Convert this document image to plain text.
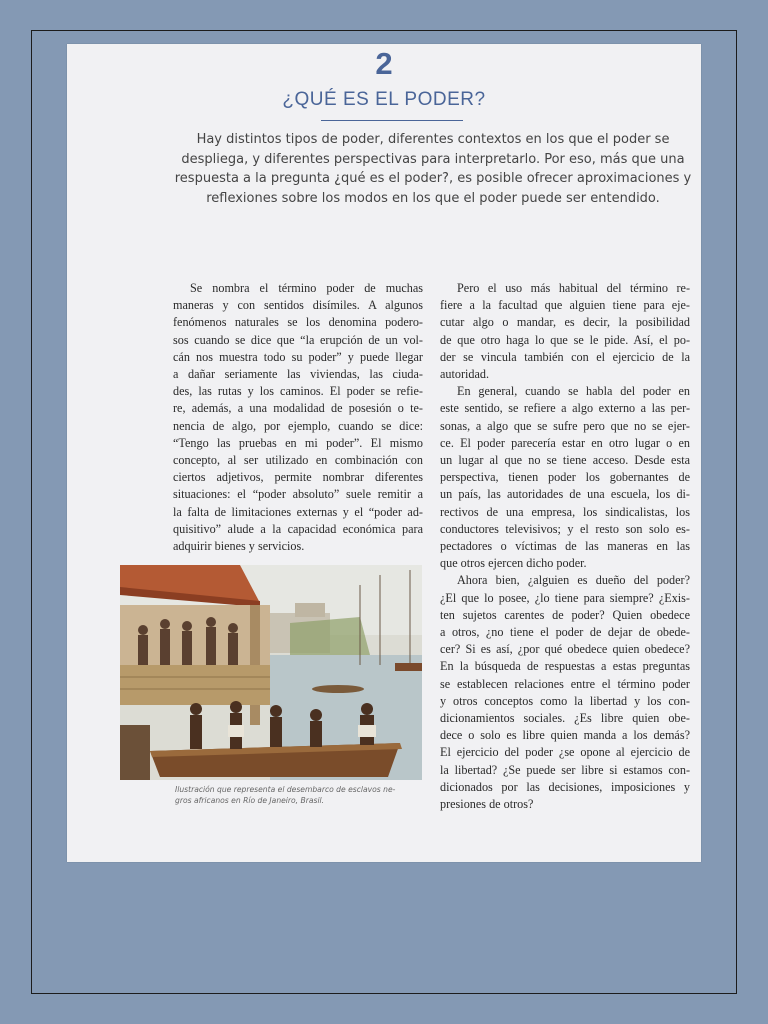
2
¿QUÉ ES EL PODER?
Hay distintos tipos de poder, diferentes contextos en los que el poder se
despliega, y diferentes perspectivas para interpretarlo. Por eso, más que una
respuesta a la pregunta ¿qué es el poder?, es posible ofrecer aproximaciones y
reflexiones sobre los modos en los que el poder puede ser entendido.
Se nombra el término poder de muchas
maneras y con sentidos disímiles. A algunos
fenómenos naturales se los denomina podero-
sos cuando se dice que “la erupción de un vol-
cán nos muestra todo su poder” y puede llegar
a dañar seriamente las viviendas, las ciuda-
des, las rutas y los caminos. El poder se refie-
re, además, a una modalidad de posesión o te-
nencia de algo, por ejemplo, cuando se dice:
“Tengo las pruebas en mi poder”. El mismo
concepto, al ser utilizado en combinación con
ciertos adjetivos, permite nombrar diferentes
situaciones: el “poder absoluto” suele remitir a
la falta de limitaciones externas y el “poder ad-
quisitivo” alude a la capacidad económica para
adquirir bienes y servicios.
Ilustración que representa el desembarco de esclavos ne-
gros africanos en Río de Janeiro, Brasil.
Pero el uso más habitual del término re-
fiere a la facultad que alguien tiene para eje-
cutar algo o mandar, es decir, la posibilidad
de que otro haga lo que se le pide. Así, el po-
der se vincula también con el ejercicio de la
autoridad.
En general, cuando se habla del poder en
este sentido, se refiere a algo externo a las per-
sonas, a algo que se sufre pero que no se ejer-
ce. El poder parecería estar en otro lugar o en
un lugar al que no se tiene acceso. Desde esta
perspectiva, tienen poder los gobernantes de
un país, las autoridades de una escuela, los di-
rectivos de una empresa, los sindicalistas, los
conductores televisivos; y el resto son solo es-
pectadores o víctimas de las maneras en las
que otros ejercen dicho poder.
Ahora bien, ¿alguien es dueño del poder?
¿El que lo posee, ¿lo tiene para siempre? ¿Exis-
ten sujetos carentes de poder? Quien obedece
a otros, ¿no tiene el poder de dejar de obede-
cer? Si es así, ¿por qué obedece quien obedece?
En la búsqueda de respuestas a estas preguntas
se establecen relaciones entre el término poder
y otros conceptos como la libertad y los con-
dicionamientos sociales. ¿Es libre quien obe-
dece o solo es libre quien manda a los demás?
El ejercicio del poder ¿se opone al ejercicio de
la libertad? ¿Se puede ser libre si estamos con-
dicionados por las decisiones, imposiciones y
presiones de otros?
